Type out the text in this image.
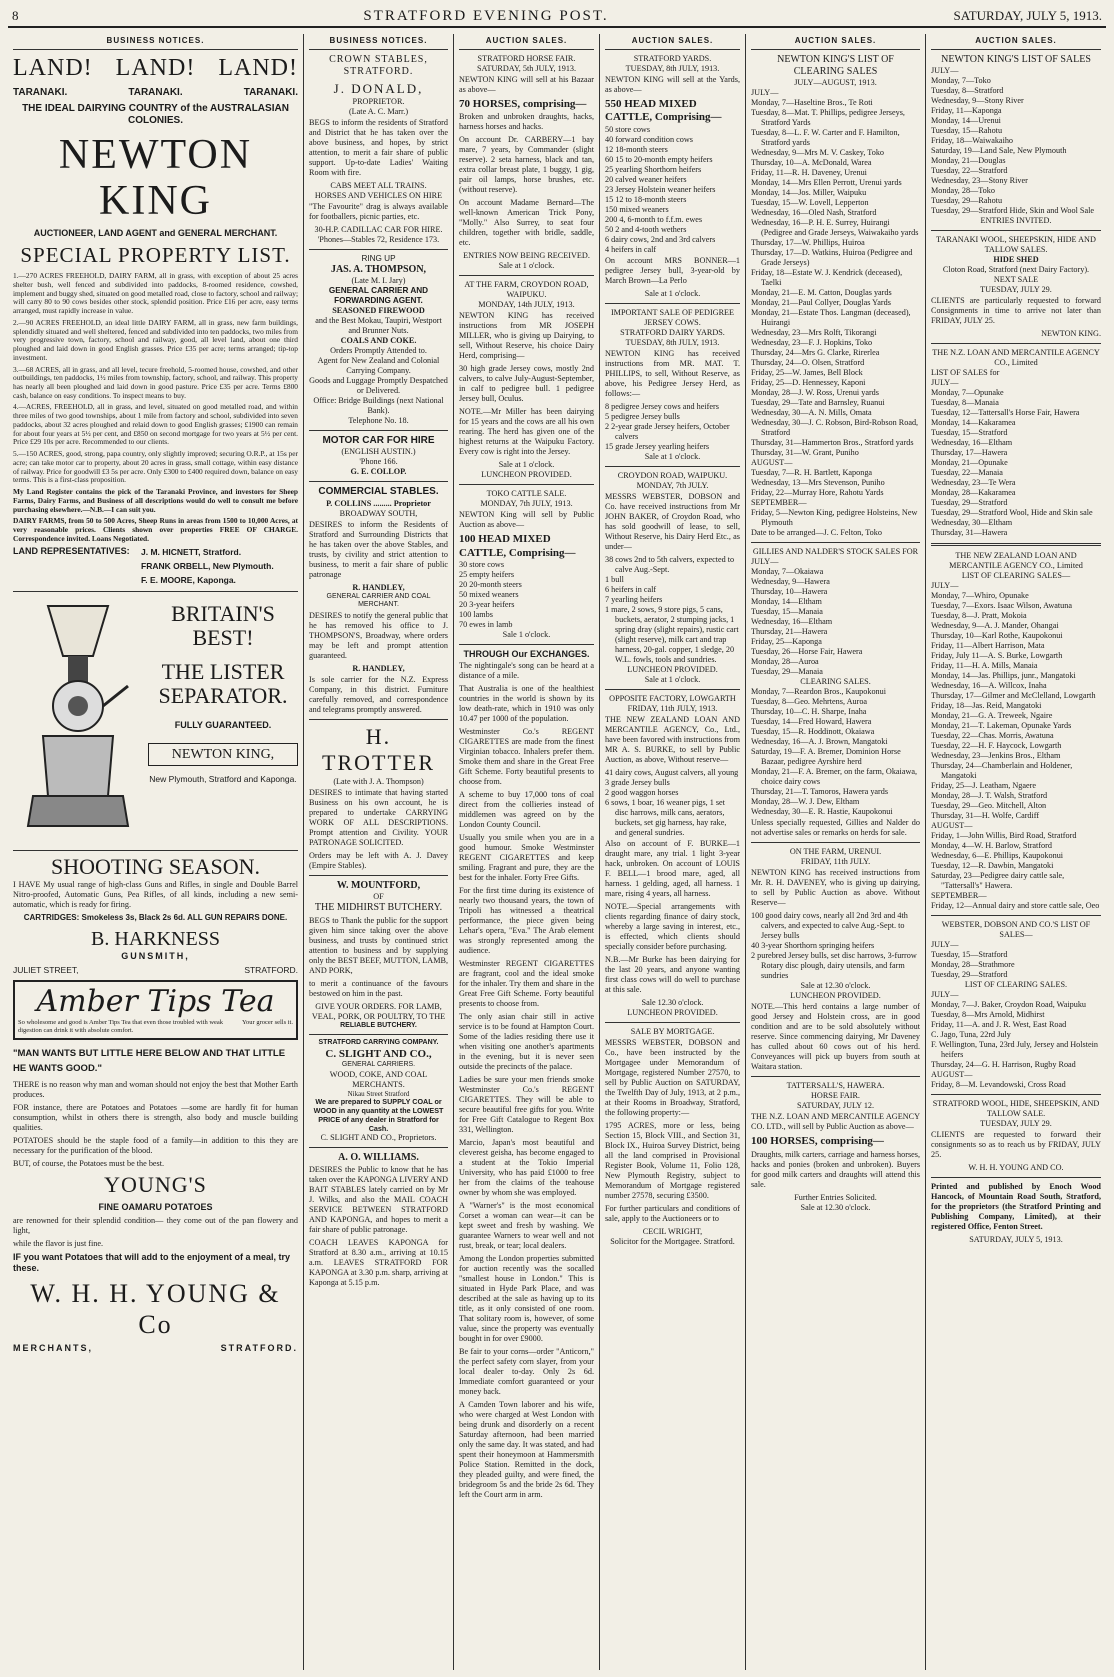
8	STRATFORD EVENING POST.	SATURDAY, JULY 5, 1913.
BUSINESS NOTICES.
LAND! LAND! LAND!
TARANAKI.	TARANAKI.	TARANAKI.
THE IDEAL DAIRYING COUNTRY of the AUSTRALASIAN COLONIES.
NEWTON KING
AUCTIONEER, LAND AGENT and GENERAL MERCHANT.
SPECIAL PROPERTY LIST.

1.—270 ACRES FREEHOLD, DAIRY FARM, all in grass, with exception of about 25 acres shelter bush, well fenced and subdivided into paddocks, 8-roomed residence, cowshed, implement and buggy shed, situated on good metalled road, close to factory, school and railway; will carry 80 to 90 cows besides other stock, splendid position. Price £16 per acre, easy terms arranged, must rapidly increase in value.

2.—90 ACRES FREEHOLD, an ideal little DAIRY FARM, all in grass, new farm buildings, splendidly situated and well sheltered, fenced and subdivided into ten paddocks, two miles from very progressive town, factory, school and railway, good, all level land, about one third ploughed and laid down in good English grasses. Price £35 per acre; terms arranged; tip-top investment.

3.—68 ACRES, all in grass, and all level, tecure freehold, 5-roomed house, cowshed, and other outbuildings, ten paddocks, 1½ miles from township, factory, school, and railway. This property has nearly all been ploughed and laid down in good pasture. Price £35 per acre. Terms £800 cash, balance on easy conditions. To inspect means to buy.

4.—ACRES, FREEHOLD, all in grass, and level, situated on good metalled road, and within three miles of two good townships, about 1 mile from factory and school, subdivided into seven paddocks, about 32 acres ploughed and relaid down to good English grasses; £1900 can remain for about four years at 5½ per cent, and £850 on second mortgage for two years at 5½ per cent. Price £29 10s per acre. Recommended to our clients.

5.—150 ACRES, good, strong, papa country, only slightly improved; securing O.R.P., at 15s per acre; can take motor car to property, about 20 acres in grass, small cottage, within easy distance of railway. Price for goodwill £3 5s per acre. Only £300 to £400 required down, balance on easy terms. This is a first-class proposition.

My Land Register contains the pick of the Taranaki Province, and investors for Sheep Farms, Dairy Farms, and Business of all descriptions would do well to consult me before purchasing elsewhere.—N.B.—I can suit you.

DAIRY FARMS, from 50 to 500 Acres, Sheep Runs in areas from 1500 to 10,000 Acres, at very reasonable prices. Clients shown over properties FREE OF CHARGE. Correspondence invited. Loans Negotiated.

LAND REPRESENTATIVES:	J. M. HICNETT, Stratford.
FRANK ORBELL, New Plymouth.
F. E. MOORE, Kaponga.
BRITAIN'S
BEST!
THE LISTER
SEPARATOR.
FULLY GUARANTEED.
NEWTON KING,
New Plymouth, Stratford and Kaponga.
SHOOTING SEASON.

I HAVE My usual range of high-class Guns and Rifles, in single and Double Barrel Nitro-proofed, Automatic Guns, Pea Rifles, of all kinds, including a new semi-automatic, which is ready for firing.

CARTRIDGES: Smokeless 3s, Black 2s 6d. ALL GUN REPAIRS DONE.
B. HARKNESS
GUNSMITH,
JULIET STREET,	STRATFORD.
Amber Tips Tea
So wholesome and good is Amber Tips Tea that even those troubled with weak digestion can drink it with absolute comfort.
Your grocer sells it.
"MAN WANTS BUT LITTLE HERE BELOW AND THAT LITTLE HE WANTS GOOD."

THERE is no reason why man and woman should not enjoy the best that Mother Earth produces.

FOR instance, there are Potatoes and Potatoes —some are hardly fit for human consumption, whilst in others there is strength, also body and muscle building qualities.

POTATOES should be the staple food of a family—in addition to this they are necessary for the purification of the blood.

BUT, of course, the Potatoes must be the best.

YOUNG'S
FINE OAMARU POTATOES

are renowned for their splendid condition— they come out of the pan flowery and light,

while the flavor is just fine.

IF you want Potatoes that will add to the enjoyment of a meal, try these.
W. H. H. YOUNG & Co
MERCHANTS,	STRATFORD.
BUSINESS NOTICES.
CROWN STABLES, STRATFORD.
J. DONALD,
PROPRIETOR.
(Late A. C. Marr.)

BEGS to inform the residents of Stratford and District that he has taken over the above business, and hopes, by strict attention, to merit a fair share of public support. Up-to-date Ladies' Waiting Room with fire.

CABS MEET ALL TRAINS.
HORSES AND VEHICLES ON HIRE

"The Favourite" drag is always available for footballers, picnic parties, etc.

30-H.P. CADILLAC CAR FOR HIRE. 'Phones—Stables 72, Residence 173.
RING UP
JAS. A. THOMPSON,
(Late M. I. Jary)
GENERAL CARRIER AND FORWARDING AGENT.
SEASONED FIREWOOD
and the Best Mokau, Taupiri, Westport and Brunner Nuts.
COALS AND COKE.
Orders Promptly Attended to.
Agent for New Zealand and Colonial Carrying Company.
Goods and Luggage Promptly Despatched or Delivered.
Office: Bridge Buildings (next National Bank).
Telephone No. 18.
MOTOR CAR FOR HIRE
(ENGLISH AUSTIN.)
'Phone 166.
G. E. COLLOP.
COMMERCIAL STABLES.
P. COLLINS ......... Proprietor
BROADWAY SOUTH,

DESIRES to inform the Residents of Stratford and Surrounding Districts that he has taken over the above Stables, and trusts, by civility and strict attention to business, to merit a fair share of public patronage

R. HANDLEY,
GENERAL CARRIER AND COAL MERCHANT.

DESIRES to notify the general public that he has removed his office to J. THOMPSON'S, Broadway, where orders may be left and prompt attention guaranteed.

R. HANDLEY,

Is sole carrier for the N.Z. Express Company, in this district. Furniture carefully removed, and correspondence and telegrams promptly answered.

H. TROTTER
(Late with J. A. Thompson)

DESIRES to intimate that having started Business on his own account, he is prepared to undertake CARRYING WORK OF ALL DESCRIPTIONS. Prompt attention and Civility. YOUR PATRONAGE SOLICITED.

Orders may be left with A. J. Davey (Empire Stables).

W. MOUNTFORD,
OF
THE MIDHIRST BUTCHERY.

BEGS to Thank the public for the support given him since taking over the above business, and trusts by continued strict attention to business and by supplying only the BEST BEEF, MUTTON, LAMB, AND PORK,

to merit a continuance of the favours bestowed on him in the past.

GIVE YOUR ORDERS. FOR LAMB, VEAL, PORK, OR POULTRY, TO THE
RELIABLE BUTCHERY.
STRATFORD CARRYING COMPANY.
C. SLIGHT AND CO.,
GENERAL CARRIERS.
WOOD, COKE, AND COAL MERCHANTS.
Nikau Street Stratford
We are prepared to SUPPLY COAL or WOOD in any quantity at the LOWEST PRICE of any dealer in Stratford for Cash.
C. SLIGHT AND CO., Proprietors.
A. O. WILLIAMS.

DESIRES the Public to know that he has taken over the KAPONGA LIVERY AND BAIT STABLES lately carried on by Mr J. Wilks, and also the MAIL COACH SERVICE BETWEEN STRATFORD AND KAPONGA, and hopes to merit a fair share of public patronage.

COACH LEAVES KAPONGA for Stratford at 8.30 a.m., arriving at 10.15 a.m. LEAVES STRATFORD FOR KAPONGA at 3.30 p.m. sharp, arriving at Kaponga at 5.15 p.m.

AUCTION SALES.
STRATFORD HORSE FAIR.
SATURDAY, 5th JULY, 1913.

NEWTON KING will sell at his Bazaar as above—

70 HORSES, comprising—

Broken and unbroken draughts, hacks, harness horses and hacks.

On account Dr. CARBERY—1 bay mare, 7 years, by Commander (slight reserve). 2 seta harness, black and tan, extra collar breast plate, 1 buggy, 1 gig, pair oil lamps, horse brushes, etc. (without reserve).

On account Madame Bernard—The well-known American Trick Pony, "Molly." Also Surrey, to seat four children, together with bridle, saddle, etc.

ENTRIES NOW BEING RECEIVED.
Sale at 1 o'clock.
AT THE FARM, CROYDON ROAD, WAIPUKU.
MONDAY, 14th JULY, 1913.

NEWTON KING has received instructions from MR JOSEPH MILLER, who is giving up Dairying, to sell, Without Reserve, his choice Dairy Herd, comprising—

30 high grade Jersey cows, mostly 2nd calvers, to calve July-August-September, in calf to pedigree bull. 1 pedigree Jersey bull, Oculus.

NOTE.—Mr Miller has been dairying for 15 years and the cows are all his own rearing. The herd has given one of the highest returns at the Waipuku Factory. Every cow is right into the Jersey.

Sale at 1 o'clock.
LUNCHEON PROVIDED.
TOKO CATTLE SALE.
MONDAY, 7th JULY, 1913.

NEWTON King will sell by Public Auction as above—

100 HEAD MIXED CATTLE, Comprising—
30 store cows
25 empty heifers
20 20-month steers
50 mixed weaners
20 3-year heifers
100 lambs
70 ewes in lamb
Sale 1 o'clock.
THROUGH Our EXCHANGES.

The nightingale's song can be heard at a distance of a mile.

That Australia is one of the healthiest countries in the world is shown by its low death-rate, which in 1910 was only 10.47 per 1000 of the population.

Westminster Co.'s REGENT CIGARETTES are made from the finest Virginian tobacco. Inhalers prefer them. Smoke them and share in the Great Free Gift Scheme. Forty beautiful presents to choose from.

A scheme to buy 17,000 tons of coal direct from the collieries instead of middlemen was agreed on by the London County Council.

Usually you smile when you are in a good humour. Smoke Westminster REGENT CIGARETTES and keep smiling. Fragrant and pure, they are the best for the inhaler. Forty Free Gifts.

For the first time during its existence of nearly two thousand years, the town of Tripoli has witnessed a theatrical performance, the piece given being Lehar's opera, "Eva." The Arab element was strongly represented among the audience.

Westminster REGENT CIGARETTES are fragrant, cool and the ideal smoke for the inhaler. Try them and share in the Great Free Gift Scheme. Forty beautiful presents to choose from.

The only asian chair still in active service is to be found at Hampton Court. Some of the ladies residing there use it when visiting one another's apartments in the evening, but it is never seen outside the precincts of the palace.

Ladies be sure your men friends smoke Westminster Co.'s REGENT CIGARETTES. They will be able to secure beautiful free gifts for you. Write for Free Gift Catalogue to Regent Box 331, Wellington.

Marcio, Japan's most beautiful and cleverest geisha, has become engaged to a student at the Tokio Imperial University, who has paid £1000 to free her from the claims of the teahouse owner by whom she was employed.

A "Warner's" is the most economical Corset a woman can wear—it can be kept sweet and fresh by washing. We guarantee Warners to wear well and not rust, break, or tear; local dealers.

Among the London properties submitted for auction recently was the socalled "smallest house in London." This is situated in Hyde Park Place, and was described at the sale as having up to its title, as it only consisted of one room. That solitary room is, however, of some value, since the property was eventually bought in for over £9000.

Be fair to your corns—order "Anticorn," the perfect safety corn slayer, from your local dealer to-day. Only 2s 6d. Immediate comfort guaranteed or your money back.

A Camden Town laborer and his wife, who were charged at West London with being drunk and disorderly on a recent Saturday afternoon, had been married only the same day. It was stated, and had spent their honeymoon at Hammersmith Police Station. Remitted in the dock, they pleaded guilty, and were fined, the bridegroom 5s and the bride 2s 6d. They left the Court arm in arm.

AUCTION SALES.
STRATFORD YARDS.
TUESDAY, 8th JULY, 1913.

NEWTON KING will sell at the Yards, as above—

550 HEAD MIXED CATTLE, Comprising—
50 store cows
40 forward condition cows
12 18-month steers
60 15 to 20-month empty heifers
25 yearling Shorthorn heifers
20 calved weaner heifers
23 Jersey Holstein weaner heifers
15 12 to 18-month steers
150 mixed weaners
200 4, 6-month to f.f.m. ewes
50 2 and 4-tooth wethers
6 dairy cows, 2nd and 3rd calvers
4 heifers in calf

On account MRS BONNER—1 pedigree Jersey bull, 3-year-old by March Brown—La Perlo

Sale at 1 o'clock.
IMPORTANT SALE OF PEDIGREE JERSEY COWS.
STRATFORD DAIRY YARDS.
TUESDAY, 8th JULY, 1913.

NEWTON KING has received instructions from MR. MAT. T. PHILLIPS, to sell, Without Reserve, as above, his Pedigree Jersey Herd, as follows:—

8 pedigree Jersey cows and heifers
5 pedigree Jersey bulls
2 2-year grade Jersey heifers, October calvers
15 grade Jersey yearling heifers
Sale at 1 o'clock.
CROYDON ROAD, WAIPUKU.
MONDAY, 7th JULY.

MESSRS WEBSTER, DOBSON and Co. have received instructions from Mr JOHN BAKER, of Croydon Road, who has sold goodwill of lease, to sell, Without Reserve, his Dairy Herd Etc., as under—

38 cows 2nd to 5th calvers, expected to calve Aug.-Sept.
1 bull
6 heifers in calf
7 yearling heifers
1 mare, 2 sows, 9 store pigs, 5 cans, buckets, aerator, 2 stumping jacks, 1 spring dray (slight repairs), rustic cart (slight reserve), milk cart and trap harness, 20-gal. copper, 1 sledge, 20 W.L. fowls, tools and sundries.
LUNCHEON PROVIDED.
Sale at 1 o'clock.
OPPOSITE FACTORY, LOWGARTH
FRIDAY, 11th JULY, 1913.

THE NEW ZEALAND LOAN AND MERCANTILE AGENCY, Co., Ltd., have been favored with instructions from MR A. S. BURKE, to sell by Public Auction, as above, Without reserve—

41 dairy cows, August calvers, all young
3 grade Jersey bulls
2 good waggon horses
6 sows, 1 boar, 16 weaner pigs, 1 set disc harrows, milk cans, aerators, buckets, set gig harness, hay rake, and general sundries.

Also on account of F. BURKE—1 draught mare, any trial. 1 light 3-year hack, unbroken. On account of LOUIS F. BELL—1 brood mare, aged, all harness. 1 gelding, aged, all harness. 1 mare, rising 4 years, all harness.

NOTE.—Special arrangements with clients regarding finance of dairy stock, whereby a large saving in interest, etc., is effected, which clients should specially consider before purchasing.

N.B.—Mr Burke has been dairying for the last 20 years, and anyone wanting first class cows will do well to purchase at this sale.

Sale 12.30 o'clock.
LUNCHEON PROVIDED.
SALE BY MORTGAGE.

MESSRS WEBSTER, DOBSON and Co., have been instructed by the Mortgagee under Memorandum of Mortgage, registered Number 27570, to sell by Public Auction on SATURDAY, the Twelfth Day of July, 1913, at 2 p.m., at their Rooms in Broadway, Stratford, the following property:—

1795 ACRES, more or less, being Section 15, Block VIII., and Section 31, Block IX., Huiroa Survey District, being all the land comprised in Provisional Register Book, Volume 11, Folio 128, New Plymouth Registry, subject to Memorandum of Mortgage registered number 27578, securing £3500.

For further particulars and conditions of sale, apply to the Auctioneers or to

CECIL WRIGHT,
Solicitor for the Mortgagee. Stratford.
AUCTION SALES.
NEWTON KING'S LIST OF CLEARING SALES
JULY—AUGUST, 1913.
JULY—
Monday, 7—Haseltine Bros., Te Roti
Tuesday, 8—Mat. T. Phillips, pedigree Jerseys, Stratford Yards
Tuesday, 8—L. F. W. Carter and F. Hamilton, Stratford yards
Wednesday, 9—Mrs M. V. Caskey, Toko
Thursday, 10—A. McDonald, Warea
Friday, 11—R. H. Daveney, Urenui
Monday, 14—Mrs Ellen Perrott, Urenui yards
Monday, 14—Jos. Miller, Waipuku
Tuesday, 15—W. Lovell, Lepperton
Wednesday, 16—Oled Nash, Stratford
Wednesday, 16—P. H. E. Surrey, Huirangi (Pedigree and Grade Jerseys, Waiwakaiho yards
Thursday, 17—W. Phillips, Huiroa
Thursday, 17—D. Watkins, Huiroa (Pedigree and Grade Jerseys)
Friday, 18—Estate W. J. Kendrick (deceased), Taelki
Monday, 21—E. M. Catton, Douglas yards
Monday, 21—Paul Collyer, Douglas Yards
Monday, 21—Estate Thos. Langman (deceased), Huirangi
Wednesday, 23—Mrs Rolft, Tikorangi
Wednesday, 23—F. J. Hopkins, Toko
Thursday, 24—Mrs G. Clarke, Rirerlea
Thursday, 24—O. Olsen, Stratford
Friday, 25—W. James, Bell Block
Friday, 25—D. Hennessey, Kaponi
Monday, 28—J. W. Ross, Urenui yards
Tuesday, 29—Tate and Barnsley, Ruanui
Wednesday, 30—A. N. Mills, Omata
Wednesday, 30—J. C. Robson, Bird-Robson Road, Stratford
Thursday, 31—Hammerton Bros., Stratford yards
Thursday, 31—W. Grant, Puniho
AUGUST—
Tuesday, 7—R. H. Bartlett, Kaponga
Wednesday, 13—Mrs Stevenson, Puniho
Friday, 22—Murray Hore, Rahotu Yards
SEPTEMBER—
Friday, 5—Newton King, pedigree Holsteins, New Plymouth
Date to be arranged—J. C. Felton, Toko
GILLIES AND NALDER'S STOCK SALES FOR
JULY—
Monday, 7—Okaiawa
Wednesday, 9—Hawera
Thursday, 10—Hawera
Monday, 14—Eltham
Tuesday, 15—Manaia
Wednesday, 16—Eltham
Thursday, 21—Hawera
Friday, 25—Kaponga
Tuesday, 26—Horse Fair, Hawera
Monday, 28—Auroa
Tuesday, 29—Manaia
CLEARING SALES.
Monday, 7—Reardon Bros., Kaupokonui
Tuesday, 8—Geo. Mehrtens, Auroa
Thursday, 10—C. H. Sharpe, Inaha
Tuesday, 14—Fred Howard, Hawera
Tuesday, 15—R. Hoddinott, Okaiawa
Wednesday, 16—A. J. Brown, Mangatoki
Saturday, 19—F. A. Bremer, Dominion Horse Bazaar, pedigree Ayrshire herd
Monday, 21—F. A. Bremer, on the farm, Okaiawa, choice dairy cows
Thursday, 21—T. Tamoros, Hawera yards
Monday, 28—W. J. Dew, Eltham
Wednesday, 30—E. R. Hastie, Kaupokonui

Unless specially requested, Gillies and Nalder do not advertise sales or remarks on herds for sale.

ON THE FARM, URENUI.
FRIDAY, 11th JULY.

NEWTON KING has received instructions from Mr. R. H. DAVENEY, who is giving up dairying, to sell by Public Auction as above. Without Reserve—

100 good dairy cows, nearly all 2nd 3rd and 4th calvers, and expected to calve Aug.-Sept. to Jersey bulls
40 3-year Shorthorn springing heifers
2 purebred Jersey bulls, set disc harrows, 3-furrow Rotary disc plough, dairy utensils, and farm sundries
Sale at 12.30 o'clock.
LUNCHEON PROVIDED.

NOTE.—This herd contains a large number of good Jersey and Holstein cross, are in good condition and are to be sold absolutely without reserve. Since commencing dairying, Mr Daveney has culled about 60 cows out of his herd. Conveyances will pick up buyers from south at Waitara station.

TATTERSALL'S, HAWERA.
HORSE FAIR.
SATURDAY, JULY 12.

THE N.Z. LOAN AND MERCANTILE AGENCY CO. LTD., will sell by Public Auction as above—

100 HORSES, comprising—

Draughts, milk carters, carriage and harness horses, hacks and ponies (broken and unbroken). Buyers for good milk carters and draughts will attend this sale.

Further Entries Solicited.
Sale at 12.30 o'clock.
AUCTION SALES.
NEWTON KING'S LIST OF SALES
JULY—
Monday, 7—Toko
Tuesday, 8—Stratford
Wednesday, 9—Stony River
Friday, 11—Kaponga
Monday, 14—Urenui
Tuesday, 15—Rahotu
Friday, 18—Waiwakaiho
Saturday, 19—Land Sale, New Plymouth
Monday, 21—Douglas
Tuesday, 22—Stratford
Wednesday, 23—Stony River
Monday, 28—Toko
Tuesday, 29—Rahotu
Tuesday, 29—Stratford Hide, Skin and Wool Sale
ENTRIES INVITED.
TARANAKI WOOL, SHEEPSKIN, HIDE AND TALLOW SALES.
HIDE SHED
Cloton Road, Stratford (next Dairy Factory).
NEXT SALE
TUESDAY, JULY 29.

CLIENTS are particularly requested to forward Consignments in time to arrive not later than FRIDAY, JULY 25.

NEWTON KING.
THE N.Z. LOAN AND MERCANTILE AGENCY CO., Limited
LIST OF SALES for
JULY—
Monday, 7—Opunake
Tuesday, 8—Manaia
Tuesday, 12—Tattersall's Horse Fair, Hawera
Monday, 14—Kakaramea
Tuesday, 15—Stratford
Wednesday, 16—Eltham
Thursday, 17—Hawera
Monday, 21—Opunake
Tuesday, 22—Manaia
Wednesday, 23—Te Wera
Monday, 28—Kakaramea
Tuesday, 29—Stratford
Tuesday, 29—Stratford Wool, Hide and Skin sale
Wednesday, 30—Eltham
Thursday, 31—Hawera
THE NEW ZEALAND LOAN AND MERCANTILE AGENCY CO., Limited
LIST OF CLEARING SALES—
JULY—
Monday, 7—Whiro, Opunake
Tuesday, 7—Exors. Isaac Wilson, Awatuna
Tuesday, 8—J. Pratt, Mokoia
Wednesday, 9—A. J. Mander, Ohangai
Thursday, 10—Karl Rothe, Kaupokonui
Friday, 11—Albert Harrison, Mata
Friday, July 11—A. S. Burke, Lowgarth
Friday, 11—H. A. Mills, Manaia
Monday, 14—Jas. Phillips, junr., Mangatoki
Wednesday, 16—A. Willcox, Inaha
Thursday, 17—Gilmer and McClelland, Lowgarth
Friday, 18—Jas. Reid, Mangatoki
Monday, 21—G. A. Treweek, Ngaire
Monday, 21—T. Lakeman, Opunake Yards
Tuesday, 22—Chas. Morris, Awatuna
Tuesday, 22—H. F. Haycock, Lowgarth
Wednesday, 23—Jenkins Bros., Eltham
Thursday, 24—Chamberlain and Holdener, Mangatoki
Friday, 25—J. Leatham, Ngaere
Monday, 28—J. T. Walsh, Stratford
Tuesday, 29—Geo. Mitchell, Alton
Thursday, 31—H. Wolfe, Cardiff
AUGUST—
Friday, 1—John Willis, Bird Road, Stratford
Monday, 4—W. H. Barlow, Stratford
Wednesday, 6—E. Phillips, Kaupokonui
Tuesday, 12—R. Dawbin, Mangatoki
Saturday, 23—Pedigree dairy cattle sale, "Tattersall's" Hawera.
SEPTEMBER—
Friday, 12—Annual dairy and store cattle sale, Oeo
WEBSTER, DOBSON AND CO.'S LIST OF SALES—
JULY—
Tuesday, 15—Stratford
Monday, 28—Strathmore
Tuesday, 29—Stratford
LIST OF CLEARING SALES.
JULY—
Monday, 7—J. Baker, Croydon Road, Waipuku
Tuesday, 8—Mrs Arnold, Midhirst
Friday, 11—A. and J. R. West, East Road
C. Jago, Tuna, 22rd July
F. Wellington, Tuna, 23rd July, Jersey and Holstein heifers
Thursday, 24—G. H. Harrison, Rugby Road
AUGUST—
Friday, 8—M. Levandowski, Cross Road
STRATFORD WOOL, HIDE, SHEEPSKIN, AND TALLOW SALE.
TUESDAY, JULY 29.

CLIENTS are requested to forward their consignments so as to reach us by FRIDAY, JULY 25.

W. H. H. YOUNG AND CO.

Printed and published by Enoch Wood Hancock, of Mountain Road South, Stratford, for the proprietors (the Stratford Printing and Publishing Company, Limited), at their registered Office, Fenton Street.

SATURDAY, JULY 5, 1913.
